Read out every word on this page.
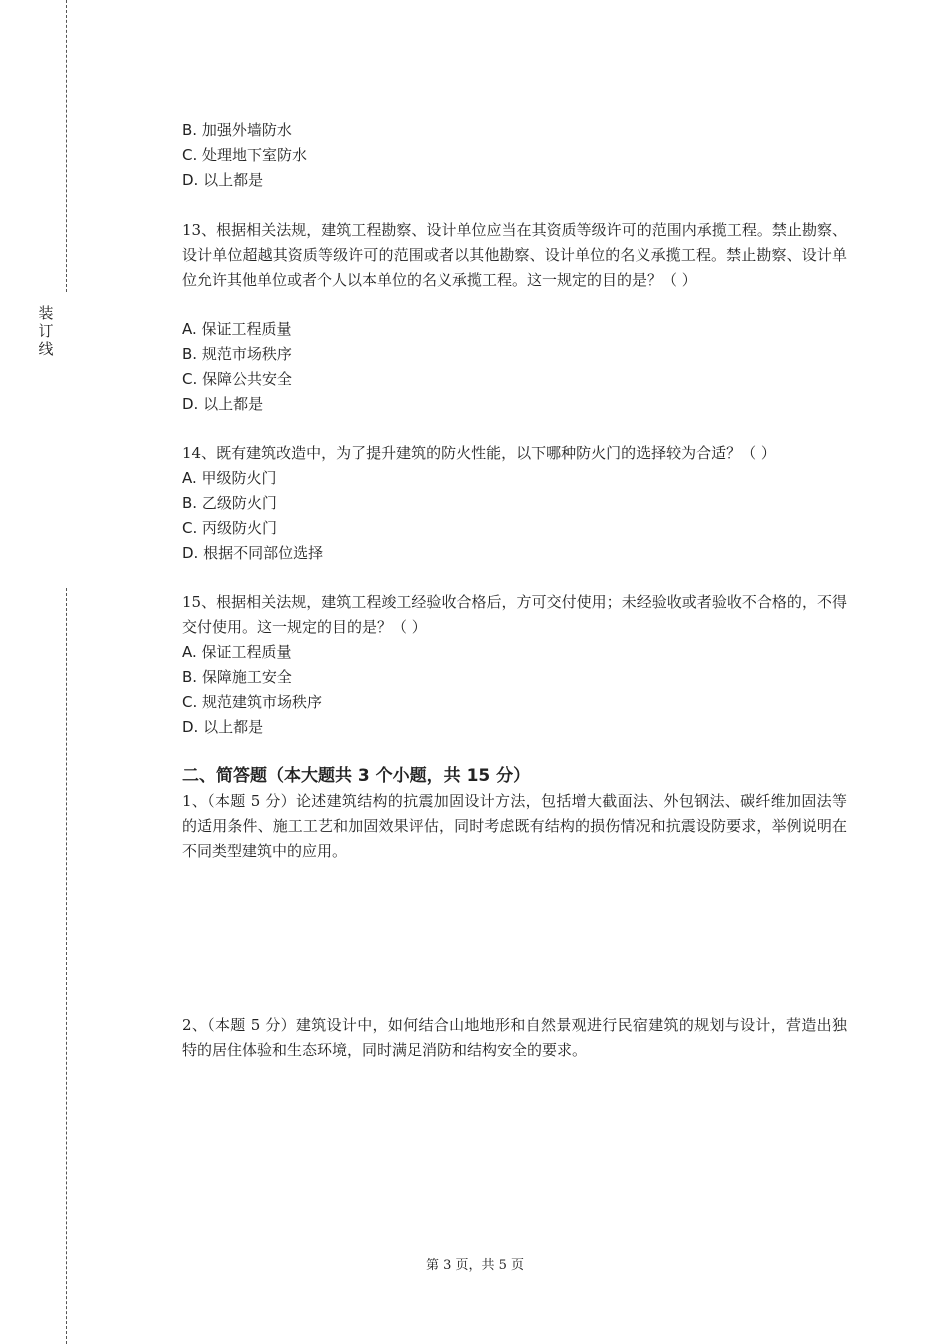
装
订
线
B. 加强外墙防水
C. 处理地下室防水
D. 以上都是
13、根据相关法规，建筑工程勘察、设计单位应当在其资质等级许可的范围内承揽工程。禁止勘察、设计单位超越其资质等级许可的范围或者以其他勘察、设计单位的名义承揽工程。禁止勘察、设计单位允许其他单位或者个人以本单位的名义承揽工程。这一规定的目的是？（ ）
A. 保证工程质量
B. 规范市场秩序
C. 保障公共安全
D. 以上都是
14、既有建筑改造中，为了提升建筑的防火性能，以下哪种防火门的选择较为合适？（ ）
A. 甲级防火门
B. 乙级防火门
C. 丙级防火门
D. 根据不同部位选择
15、根据相关法规，建筑工程竣工经验收合格后，方可交付使用；未经验收或者验收不合格的，不得交付使用。这一规定的目的是？（ ）
A. 保证工程质量
B. 保障施工安全
C. 规范建筑市场秩序
D. 以上都是
二、简答题（本大题共 3 个小题，共 15 分）
1、（本题 5 分）论述建筑结构的抗震加固设计方法，包括增大截面法、外包钢法、碳纤维加固法等的适用条件、施工工艺和加固效果评估，同时考虑既有结构的损伤情况和抗震设防要求，举例说明在不同类型建筑中的应用。
2、（本题 5 分）建筑设计中，如何结合山地地形和自然景观进行民宿建筑的规划与设计，营造出独特的居住体验和生态环境，同时满足消防和结构安全的要求。
第 3 页，共 5 页
